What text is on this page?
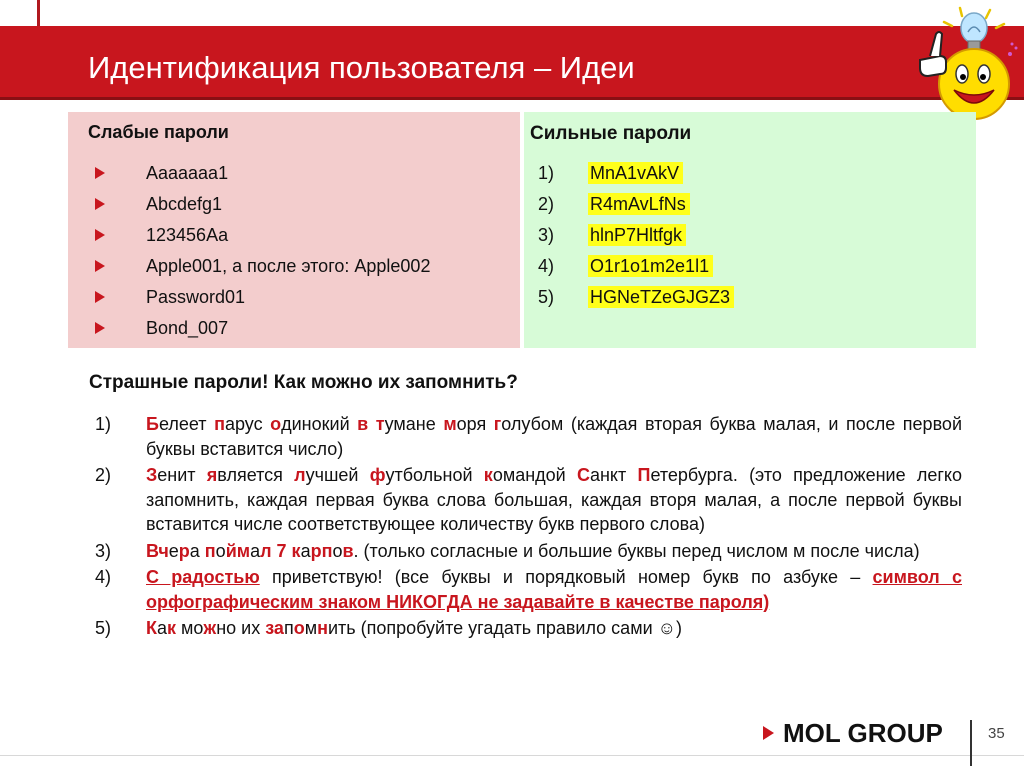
Идентификация пользователя – Идеи
Слабые пароли
Aaaaaaa1
Abcdefg1
123456Aa
Apple001, а после этого: Apple002
Password01
Bond_007
Сильные пароли
1) MnA1vAkV
2) R4mAvLfNs
3) hlnP7Hltfgk
4) O1r1o1m2e1l1
5) HGNeTZeGJGZ3
Страшные пароли! Как можно их запомнить?
1) Белеет парус одинокий в тумане моря голубом (каждая вторая буква малая, и после первой буквы вставится число)
2) Зенит является лучшей футбольной командой Санкт Петербурга. (это предложение легко запомнить, каждая первая буква слова большая, каждая вторя малая, а после первой буквы вставится числе соответствующее количеству букв первого слова)
3) Вчера поймал 7 карпов. (только согласные и большие буквы перед числом м после числа)
4) С радостью приветствую! (все буквы и порядковый номер букв по азбуке – символ с орфографическим знаком НИКОГДА не задавайте в качестве пароля)
5) Как можно их запомнить (попробуйте угадать правило сами ☺)
MOL GROUP	35
